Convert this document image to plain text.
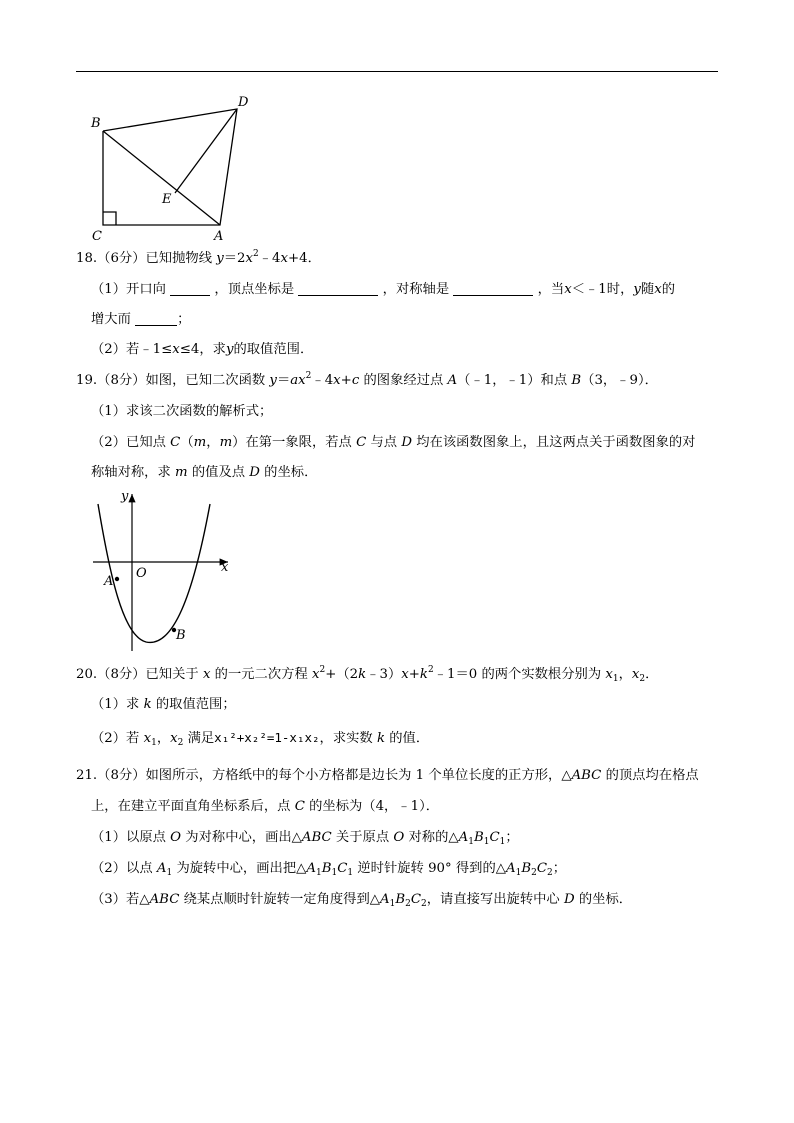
B
D
E
C	A
18.（6分）已知抛物线 $y=2x^2﹣4x+4$．
（1）开口向	，顶点坐标是	，对称轴是	，当x＜﹣1时，y随x的
增大而	；
（2）若﹣1≤x≤4，求y的取值范围．
19.（8分）如图，已知二次函数 $y=ax^2﹣4x+c$ 的图象经过点 A（﹣1，﹣1）和点 B（3，﹣9）．
（1）求该二次函数的解析式；
（2）已知点 C（m，m）在第一象限，若点 C 与点 D 均在该函数图象上，且这两点关于函数图象的对
称轴对称，求 m 的值及点 D 的坐标．
y
x
O
A
B
20.（8分）已知关于 x 的一元二次方程 $x^2+(2k﹣3)x+k^2﹣1=0$ 的两个实数根分别为 $x_1$，$x_2$．
（1）求 k 的取值范围；
（2）若 $x_1$，$x_2$ 满足x₁²+x₂²=1-x₁x₂，求实数 k 的值．
21.（8分）如图所示，方格纸中的每个小方格都是边长为 1 个单位长度的正方形，△ABC 的顶点均在格点
上，在建立平面直角坐标系后，点 C 的坐标为（4，﹣1）．
（1）以原点 O 为对称中心，画出△ABC 关于原点 O 对称的$\triangle A_1B_1C_1$；
（2）以点 $A_1$ 为旋转中心，画出把$\triangle A_1B_1C_1$ 逆时针旋转 90° 得到的$\triangle A_1B_2C_2$；
（3）若△ABC 绕某点顺时针旋转一定角度得到$\triangle A_1B_2C_2$，请直接写出旋转中心 D 的坐标．
